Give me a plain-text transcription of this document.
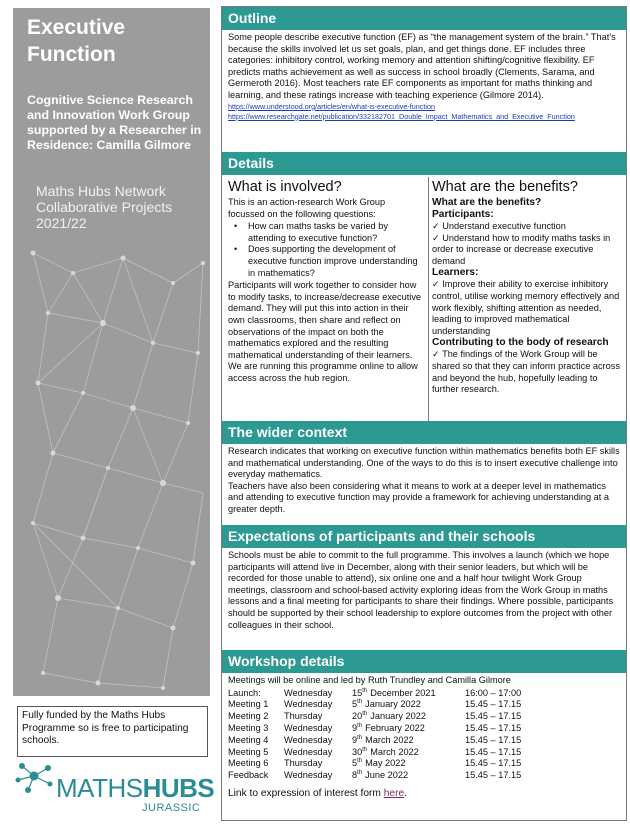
Executive
Function
Cognitive Science Research and Innovation Work Group supported by a Researcher in Residence: Camilla Gilmore
Maths Hubs Network
Collaborative Projects
2021/22
Fully funded by the Maths Hubs Programme so is free to participating schools.
MATHSHUBS
JURASSIC
Outline
Some people describe executive function (EF) as “the management system of the brain.” That’s because the skills involved let us set goals, plan, and get things done. EF includes three categories: inhibitory control, working memory and attention shifting/cognitive flexibility. EF predicts maths achievement as well as success in school broadly (Clements, Sarama, and Germeroth 2016). Most teachers rate EF components as important for maths thinking and learning, and these ratings increase with teaching experience (Gilmore 2014).
https://www.understood.org/articles/en/what-is-executive-function
https://www.researchgate.net/publication/332182701_Double_Impact_Mathematics_and_Executive_Function
Details
What is involved?
This is an action-research Work Group focussed on the following questions:
• How can maths tasks be varied by attending to executive function?
• Does supporting the development of executive function improve understanding in mathematics?
Participants will work together to consider how to modify tasks, to increase/decrease executive demand. They will put this into action in their own classrooms, then share and reflect on observations of the impact on both the mathematics explored and the resulting mathematical understanding of their learners. We are running this programme online to allow access across the hub region.
What are the benefits?
What are the benefits?
Participants:
✓ Understand executive function
✓ Understand how to modify maths tasks in order to increase or decrease executive demand
Learners:
✓ Improve their ability to exercise inhibitory control, utilise working memory effectively and work flexibly, shifting attention as needed, leading to improved mathematical understanding
Contributing to the body of research
✓ The findings of the Work Group will be shared so that they can inform practice across and beyond the hub, hopefully leading to further research.
The wider context
Research indicates that working on executive function within mathematics benefits both EF skills and mathematical understanding. One of the ways to do this is to insert executive challenge into everyday mathematics.
Teachers have also been considering what it means to work at a deeper level in mathematics and attending to executive function may provide a framework for achieving understanding at a greater depth.
Expectations of participants and their schools
Schools must be able to commit to the full programme. This involves a launch (which we hope participants will attend live in December, along with their senior leaders, but which will be recorded for those unable to attend), six online one and a half hour twilight Work Group meetings, classroom and school-based activity exploring ideas from the Work Group in maths lessons and a final meeting for participants to share their findings. Where possible, participants should be supported by their school leadership to explore outcomes from the project with other colleagues in their school.
Workshop details
Meetings will be online and led by Ruth Trundley and Camilla Gilmore
Launch:	Wednesday	15th December 2021	16:00 – 17:00
Meeting 1	Wednesday	5th January 2022	15.45 – 17.15
Meeting 2	Thursday	20th January 2022	15.45 – 17.15
Meeting 3	Wednesday	9th February 2022	15.45 – 17.15
Meeting 4	Wednesday	9th March 2022	15.45 – 17.15
Meeting 5	Wednesday	30th March 2022	15.45 – 17.15
Meeting 6	Thursday	5th May 2022	15.45 – 17.15
Feedback	Wednesday	8th June 2022	15.45 – 17.15
Link to expression of interest form here.
